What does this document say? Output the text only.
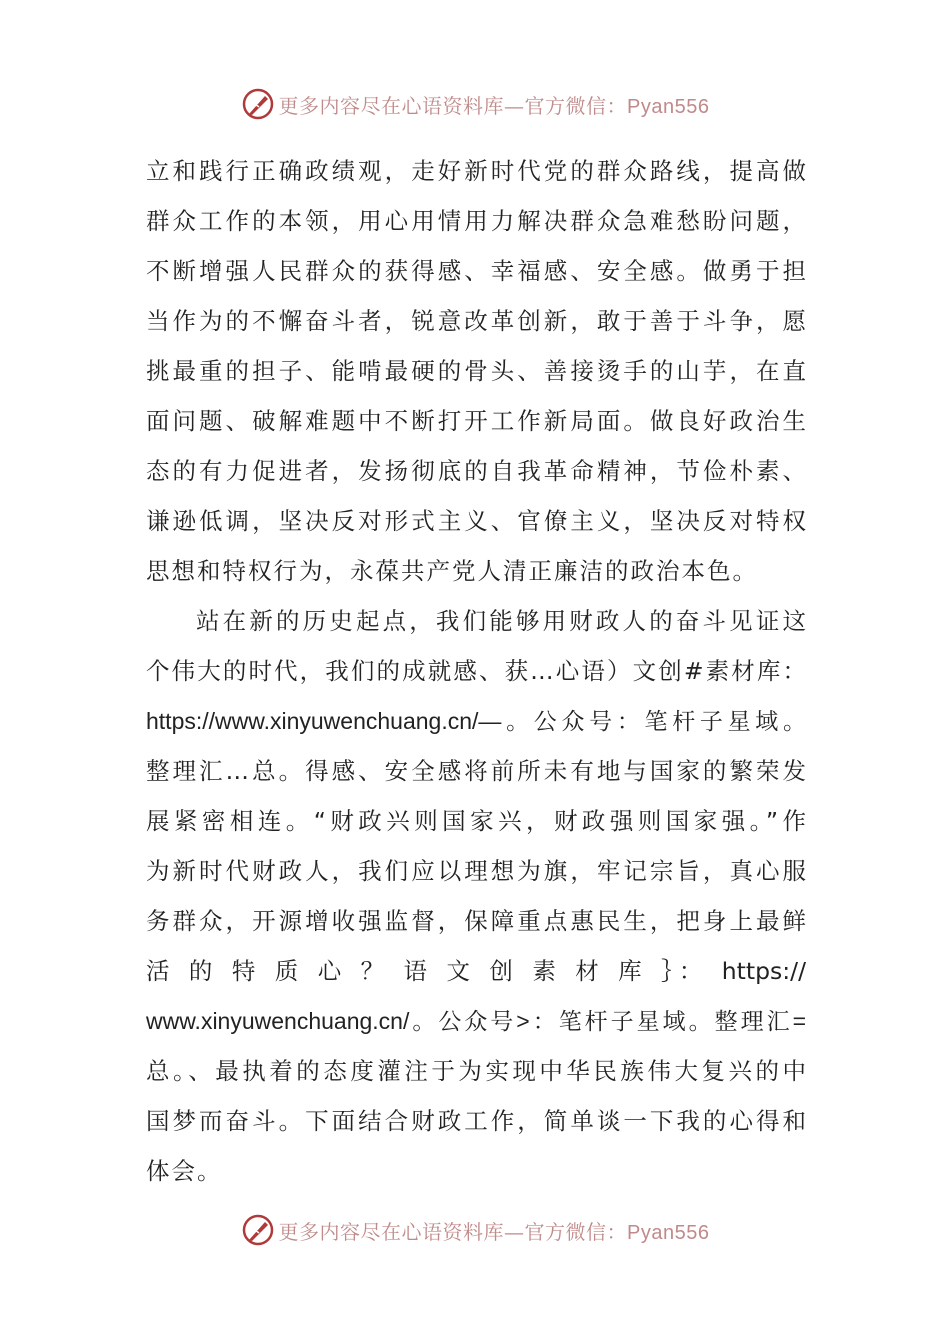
更多内容尽在心语资料库—官方微信：Pyan556
立和践行正确政绩观，走好新时代党的群众路线，提高做
群众工作的本领，用心用情用力解决群众急难愁盼问题，
不断增强人民群众的获得感、幸福感、安全感。做勇于担
当作为的不懈奋斗者，锐意改革创新，敢于善于斗争，愿
挑最重的担子、能啃最硬的骨头、善接烫手的山芋，在直
面问题、破解难题中不断打开工作新局面。做良好政治生
态的有力促进者，发扬彻底的自我革命精神，节俭朴素、
谦逊低调，坚决反对形式主义、官僚主义，坚决反对特权
思想和特权行为，永葆共产党人清正廉洁的政治本色。
站在新的历史起点，我们能够用财政人的奋斗见证这
个伟大的时代，我们的成就感、获…心语）文创#素材库：
https://www.xinyuwenchuang.cn/—。公众号：笔杆子星域。
整理汇…总。得感、安全感将前所未有地与国家的繁荣发
展紧密相连。“财政兴则国家兴，财政强则国家强。”作
为新时代财政人，我们应以理想为旗，牢记宗旨，真心服
务群众，开源增收强监督，保障重点惠民生，把身上最鲜
活 的 特 质 心 ？ 语 文 创 素 材 库 ｝： https://
www.xinyuwenchuang.cn/。公众号>：笔杆子星域。整理汇=
总。、最执着的态度灌注于为实现中华民族伟大复兴的中
国梦而奋斗。下面结合财政工作，简单谈一下我的心得和
体会。
更多内容尽在心语资料库—官方微信：Pyan556
